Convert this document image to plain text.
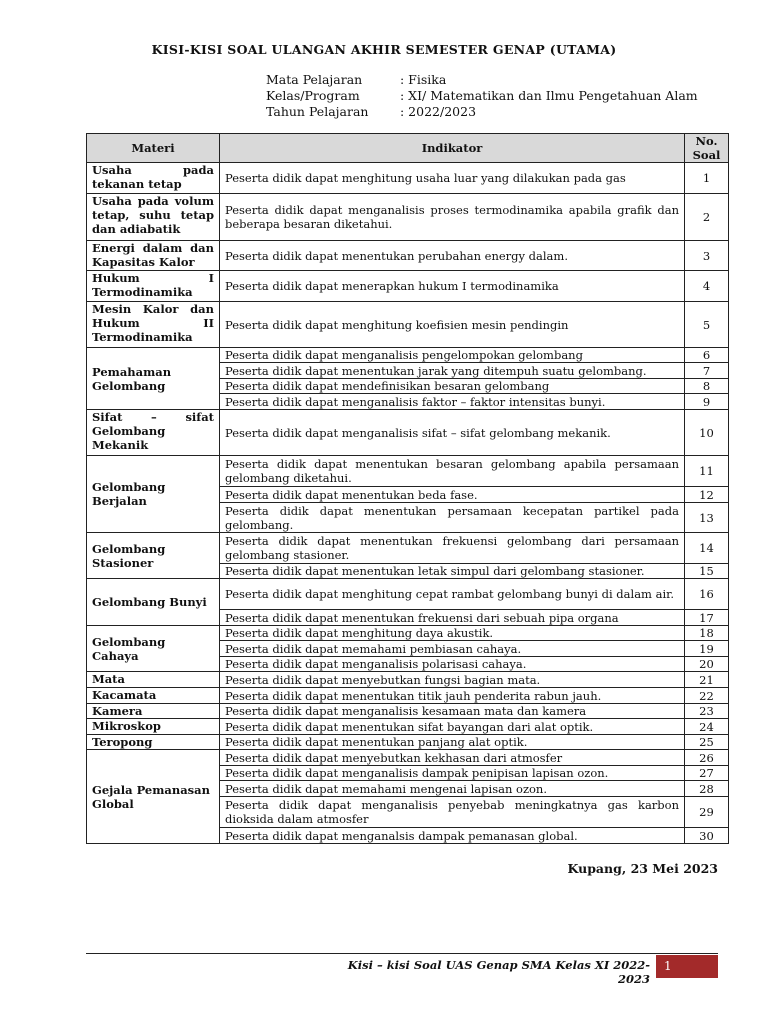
KISI-KISI SOAL ULANGAN AKHIR SEMESTER GENAP (UTAMA)
Mata Pelajaran	: Fisika
Kelas/Program	: XI/ Matematikan dan Ilmu Pengetahuan Alam
Tahun Pelajaran	: 2022/2023
Materi	Indikator	No. Soal
Usaha pada tekanan tetap	Peserta didik dapat menghitung usaha luar yang dilakukan pada gas	1
Usaha pada volum tetap, suhu tetap dan adiabatik	Peserta didik dapat menganalisis proses termodinamika apabila grafik dan beberapa besaran diketahui.	2
Energi dalam dan Kapasitas Kalor	Peserta didik dapat menentukan perubahan energy dalam.	3
Hukum I Termodinamika	Peserta didik dapat menerapkan hukum I termodinamika	4
Mesin Kalor dan Hukum II Termodinamika	Peserta didik dapat menghitung koefisien mesin pendingin	5
Pemahaman Gelombang	Peserta didik dapat menganalisis pengelompokan gelombang	6
	Peserta didik dapat menentukan jarak yang ditempuh suatu gelombang.	7
	Peserta didik dapat mendefinisikan besaran gelombang	8
	Peserta didik dapat menganalisis faktor – faktor intensitas bunyi.	9
Sifat – sifat Gelombang Mekanik	Peserta didik dapat menganalisis sifat – sifat gelombang mekanik.	10
Gelombang Berjalan	Peserta didik dapat menentukan besaran gelombang apabila persamaan gelombang diketahui.	11
	Peserta didik dapat menentukan beda fase.	12
	Peserta didik dapat menentukan persamaan kecepatan partikel pada gelombang.	13
Gelombang Stasioner	Peserta didik dapat menentukan frekuensi gelombang dari persamaan gelombang stasioner.	14
	Peserta didik dapat menentukan letak simpul dari gelombang stasioner.	15
Gelombang Bunyi	Peserta didik dapat menghitung cepat rambat gelombang bunyi di dalam air.	16
	Peserta didik dapat menentukan frekuensi dari sebuah pipa organa	17
Gelombang Cahaya	Peserta didik dapat menghitung daya akustik.	18
	Peserta didik dapat memahami pembiasan cahaya.	19
	Peserta didik dapat menganalisis polarisasi cahaya.	20
Mata	Peserta didik dapat menyebutkan fungsi bagian mata.	21
Kacamata	Peserta didik dapat menentukan titik jauh penderita rabun jauh.	22
Kamera	Peserta didik dapat menganalisis kesamaan mata dan kamera	23
Mikroskop	Peserta didik dapat menentukan sifat bayangan dari alat optik.	24
Teropong	Peserta didik dapat menentukan panjang alat optik.	25
Gejala Pemanasan Global	Peserta didik dapat menyebutkan kekhasan dari atmosfer	26
	Peserta didik dapat menganalisis dampak penipisan lapisan ozon.	27
	Peserta didik dapat memahami mengenai lapisan ozon.	28
	Peserta didik dapat menganalisis penyebab meningkatnya gas karbon dioksida dalam atmosfer	29
	Peserta didik dapat menganalsis dampak pemanasan global.	30
Kupang, 23 Mei 2023
Kisi – kisi Soal UAS Genap SMA Kelas XI 2022-2023
1
